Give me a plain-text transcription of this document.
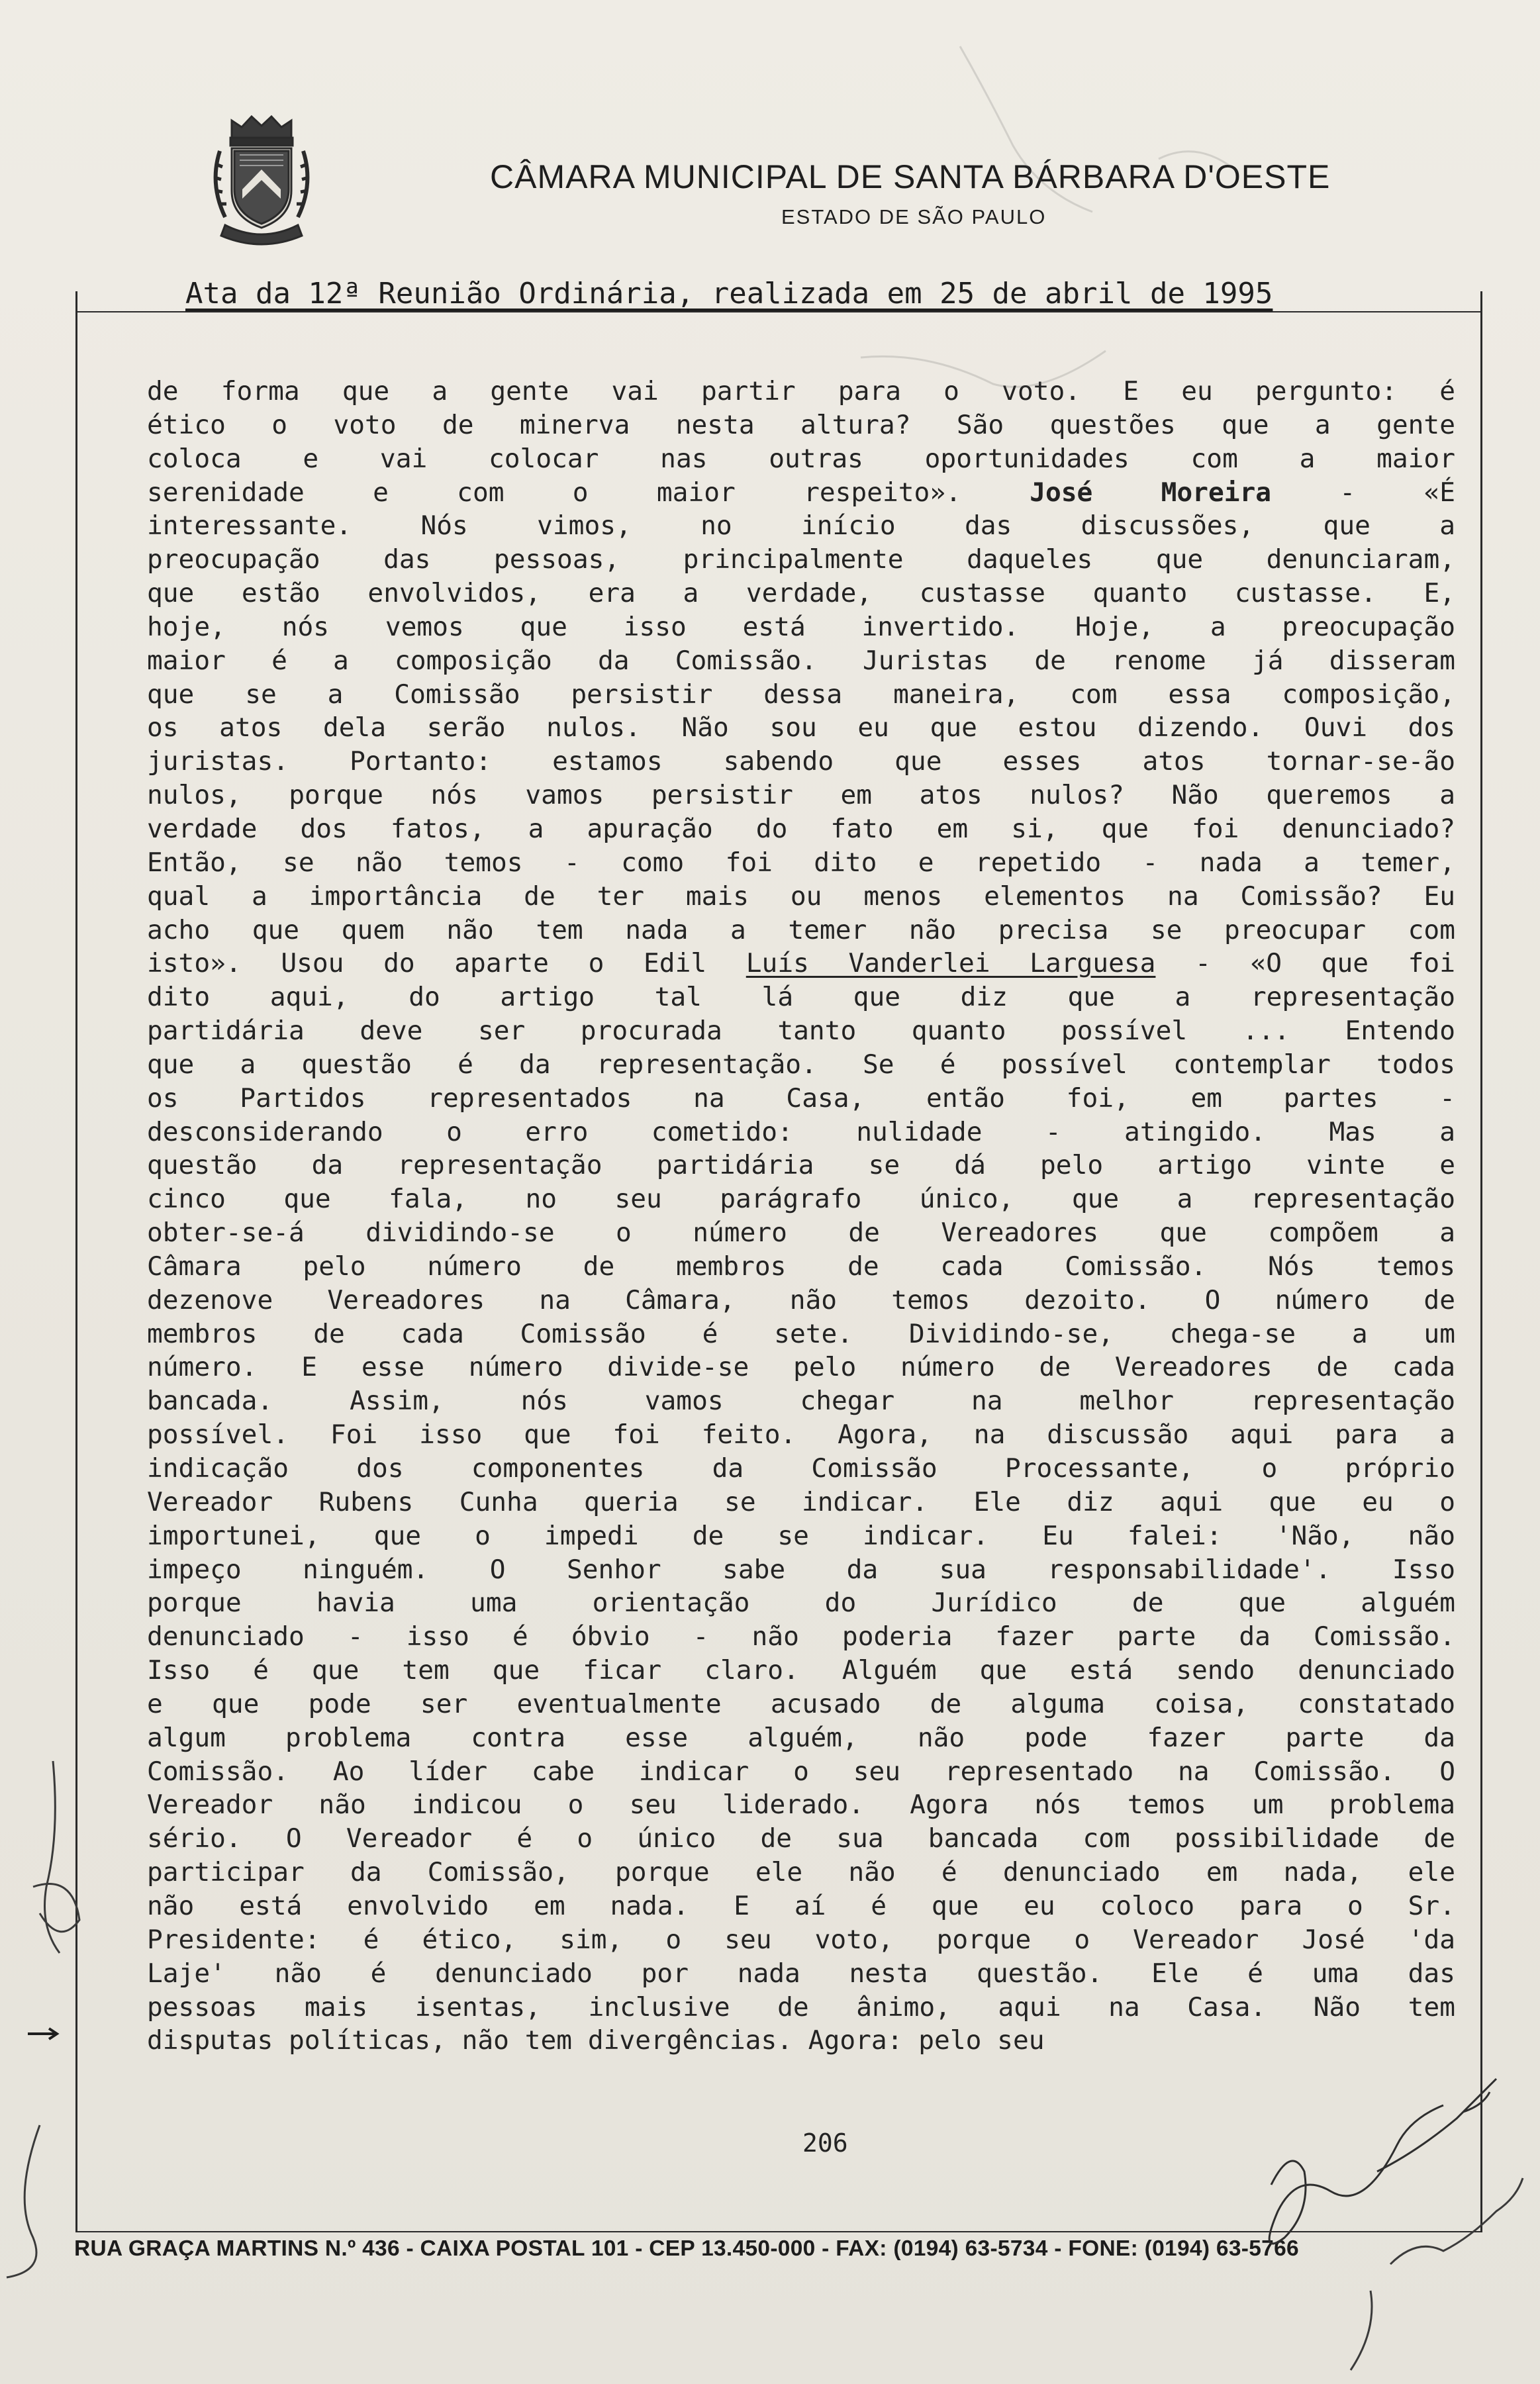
CÂMARA MUNICIPAL DE SANTA BÁRBARA D'OESTE
ESTADO DE SÃO PAULO
Ata da 12ª Reunião Ordinária, realizada em 25 de abril de 1995
de forma que a gente vai partir para o voto. E eu pergunto: é
ético o voto de minerva nesta altura? São questões que a gente
coloca e vai colocar nas outras oportunidades com a maior
serenidade e com o maior respeito». José Moreira - «É
interessante. Nós vimos, no início das discussões, que a
preocupação das pessoas, principalmente daqueles que denunciaram,
que estão envolvidos, era a verdade, custasse quanto custasse. E,
hoje, nós vemos que isso está invertido. Hoje, a preocupação
maior é a composição da Comissão. Juristas de renome já disseram
que se a Comissão persistir dessa maneira, com essa composição,
os atos dela serão nulos. Não sou eu que estou dizendo. Ouvi dos
juristas. Portanto: estamos sabendo que esses atos tornar-se-ão
nulos, porque nós vamos persistir em atos nulos? Não queremos a
verdade dos fatos, a apuração do fato em si, que foi denunciado?
Então, se não temos - como foi dito e repetido - nada a temer,
qual a importância de ter mais ou menos elementos na Comissão? Eu
acho que quem não tem nada a temer não precisa se preocupar com
isto». Usou do aparte o Edil Luís Vanderlei Larguesa - «O que foi
dito aqui, do artigo tal lá que diz que a representação
partidária deve ser procurada tanto quanto possível ... Entendo
que a questão é da representação. Se é possível contemplar todos
os Partidos representados na Casa, então foi, em partes -
desconsiderando o erro cometido: nulidade - atingido. Mas a
questão da representação partidária se dá pelo artigo vinte e
cinco que fala, no seu parágrafo único, que a representação
obter-se-á dividindo-se o número de Vereadores que compõem a
Câmara pelo número de membros de cada Comissão. Nós temos
dezenove Vereadores na Câmara, não temos dezoito. O número de
membros de cada Comissão é sete. Dividindo-se, chega-se a um
número. E esse número divide-se pelo número de Vereadores de cada
bancada. Assim, nós vamos chegar na melhor representação
possível. Foi isso que foi feito. Agora, na discussão aqui para a
indicação dos componentes da Comissão Processante, o próprio
Vereador Rubens Cunha queria se indicar. Ele diz aqui que eu o
importunei, que o impedi de se indicar. Eu falei: 'Não, não
impeço ninguém. O Senhor sabe da sua responsabilidade'. Isso
porque havia uma orientação do Jurídico de que alguém
denunciado - isso é óbvio - não poderia fazer parte da Comissão.
Isso é que tem que ficar claro. Alguém que está sendo denunciado
e que pode ser eventualmente acusado de alguma coisa, constatado
algum problema contra esse alguém, não pode fazer parte da
Comissão. Ao líder cabe indicar o seu representado na Comissão. O
Vereador não indicou o seu liderado. Agora nós temos um problema
sério. O Vereador é o único de sua bancada com possibilidade de
participar da Comissão, porque ele não é denunciado em nada, ele
não está envolvido em nada. E aí é que eu coloco para o Sr.
Presidente: é ético, sim, o seu voto, porque o Vereador José 'da
Laje' não é denunciado por nada nesta questão. Ele é uma das
pessoas mais isentas, inclusive de ânimo, aqui na Casa. Não tem
disputas políticas, não tem divergências. Agora: pelo seu
206
RUA GRAÇA MARTINS N.º 436 - CAIXA POSTAL 101 - CEP 13.450-000 - FAX: (0194) 63-5734 - FONE: (0194) 63-5766
